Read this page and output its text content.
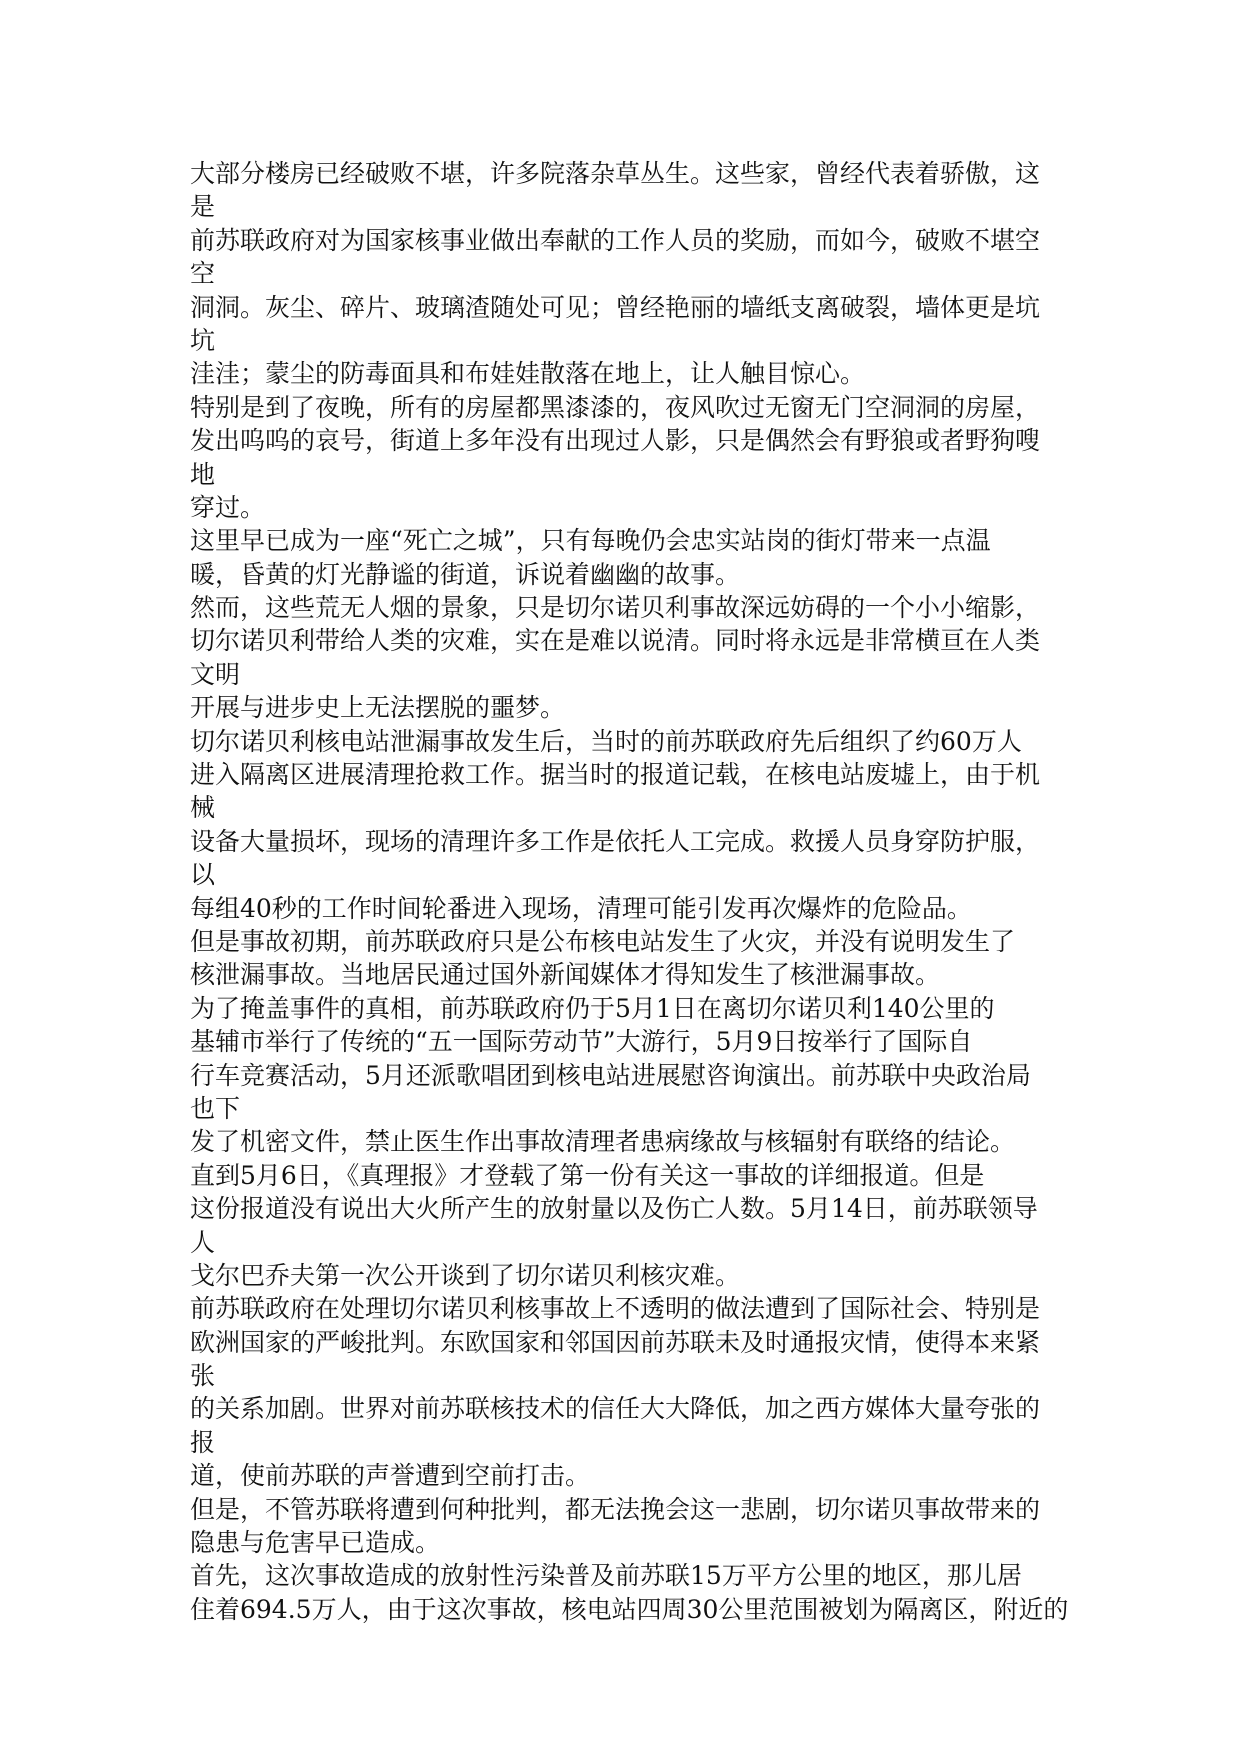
大部分楼房已经破败不堪，许多院落杂草丛生。这些家，曾经代表着骄傲，这
是
前苏联政府对为国家核事业做出奉献的工作人员的奖励，而如今，破败不堪空
空
洞洞。灰尘、碎片、玻璃渣随处可见；曾经艳丽的墙纸支离破裂，墙体更是坑
坑
洼洼；蒙尘的防毒面具和布娃娃散落在地上，让人触目惊心。
特别是到了夜晚，所有的房屋都黑漆漆的，夜风吹过无窗无门空洞洞的房屋，
发出呜呜的哀号，街道上多年没有出现过人影，只是偶然会有野狼或者野狗嗖
地
穿过。
这里早已成为一座“死亡之城”，只有每晚仍会忠实站岗的街灯带来一点温
暖，昏黄的灯光静谧的街道，诉说着幽幽的故事。
然而，这些荒无人烟的景象，只是切尔诺贝利事故深远妨碍的一个小小缩影，
切尔诺贝利带给人类的灾难，实在是难以说清。同时将永远是非常横亘在人类
文明
开展与进步史上无法摆脱的噩梦。
切尔诺贝利核电站泄漏事故发生后，当时的前苏联政府先后组织了约60万人
进入隔离区进展清理抢救工作。据当时的报道记载，在核电站废墟上，由于机
械
设备大量损坏，现场的清理许多工作是依托人工完成。救援人员身穿防护服，
以
每组40秒的工作时间轮番进入现场，清理可能引发再次爆炸的危险品。
但是事故初期，前苏联政府只是公布核电站发生了火灾，并没有说明发生了
核泄漏事故。当地居民通过国外新闻媒体才得知发生了核泄漏事故。
为了掩盖事件的真相，前苏联政府仍于5月1日在离切尔诺贝利140公里的
基辅市举行了传统的“五一国际劳动节”大游行，5月9日按举行了国际自
行车竞赛活动，5月还派歌唱团到核电站进展慰咨询演出。前苏联中央政治局
也下
发了机密文件，禁止医生作出事故清理者患病缘故与核辐射有联络的结论。
直到5月6日，《真理报》才登载了第一份有关这一事故的详细报道。但是
这份报道没有说出大火所产生的放射量以及伤亡人数。5月14日，前苏联领导
人
戈尔巴乔夫第一次公开谈到了切尔诺贝利核灾难。
前苏联政府在处理切尔诺贝利核事故上不透明的做法遭到了国际社会、特别是
欧洲国家的严峻批判。东欧国家和邻国因前苏联未及时通报灾情，使得本来紧
张
的关系加剧。世界对前苏联核技术的信任大大降低，加之西方媒体大量夸张的
报
道，使前苏联的声誉遭到空前打击。
但是，不管苏联将遭到何种批判，都无法挽会这一悲剧，切尔诺贝事故带来的
隐患与危害早已造成。
首先，这次事故造成的放射性污染普及前苏联15万平方公里的地区，那儿居
住着694.5万人，由于这次事故，核电站四周30公里范围被划为隔离区，附近的
